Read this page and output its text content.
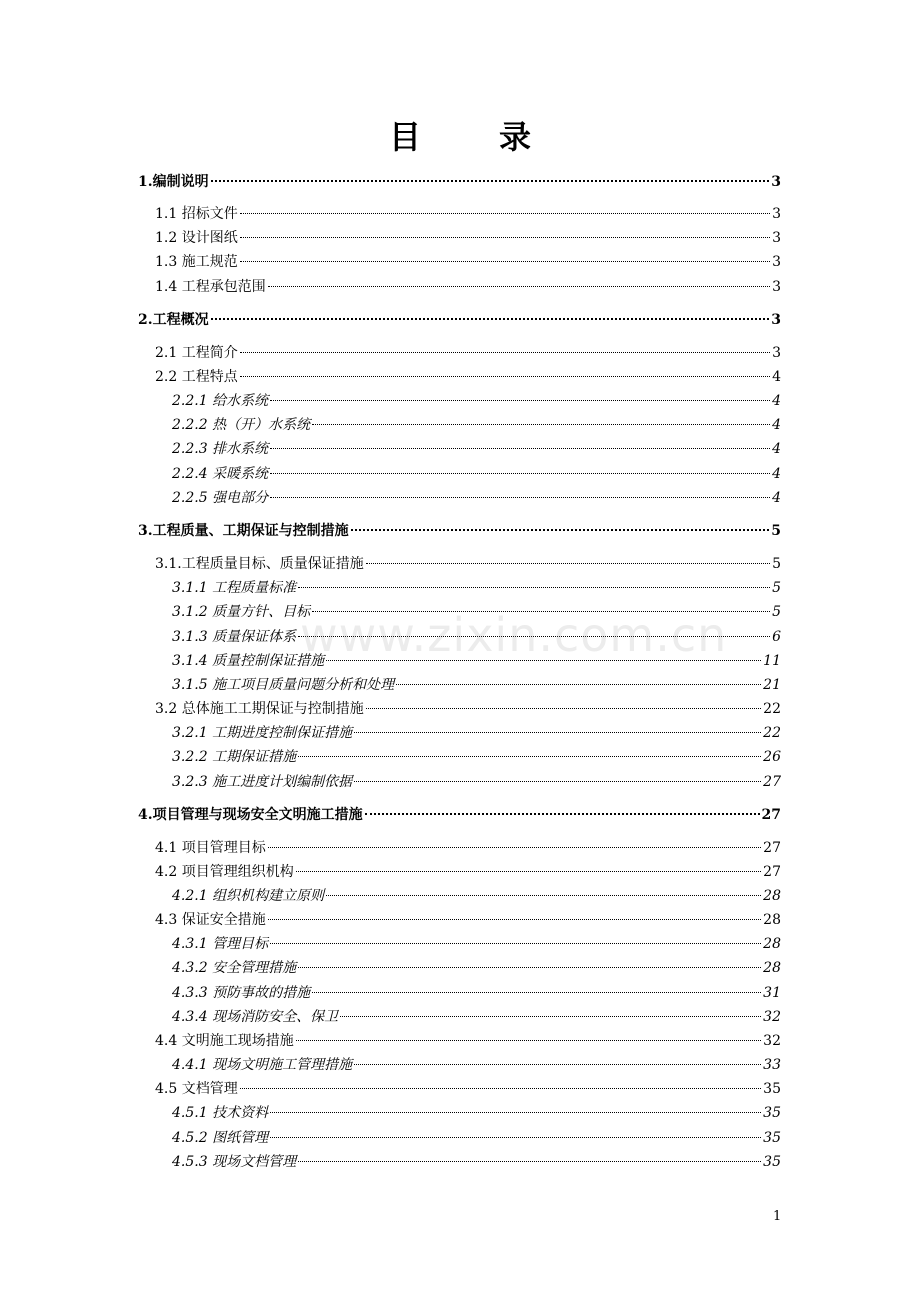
目 录
1.编制说明	3
1.1 招标文件	3
1.2 设计图纸	3
1.3 施工规范	3
1.4 工程承包范围	3
2.工程概况	3
2.1 工程简介	3
2.2 工程特点	4
2.2.1 给水系统	4
2.2.2 热（开）水系统	4
2.2.3 排水系统	4
2.2.4 采暖系统	4
2.2.5 强电部分	4
3.工程质量、工期保证与控制措施	5
3.1.工程质量目标、质量保证措施	5
3.1.1 工程质量标准	5
3.1.2 质量方针、目标	5
3.1.3 质量保证体系	6
3.1.4 质量控制保证措施	11
3.1.5 施工项目质量问题分析和处理	21
3.2 总体施工工期保证与控制措施	22
3.2.1 工期进度控制保证措施	22
3.2.2 工期保证措施	26
3.2.3 施工进度计划编制依据	27
4.项目管理与现场安全文明施工措施	27
4.1 项目管理目标	27
4.2 项目管理组织机构	27
4.2.1 组织机构建立原则	28
4.3 保证安全措施	28
4.3.1 管理目标	28
4.3.2 安全管理措施	28
4.3.3 预防事故的措施	31
4.3.4 现场消防安全、保卫	32
4.4 文明施工现场措施	32
4.4.1 现场文明施工管理措施	33
4.5 文档管理	35
4.5.1 技术资料	35
4.5.2 图纸管理	35
4.5.3 现场文档管理	35
www.zixin.com.cn
1
